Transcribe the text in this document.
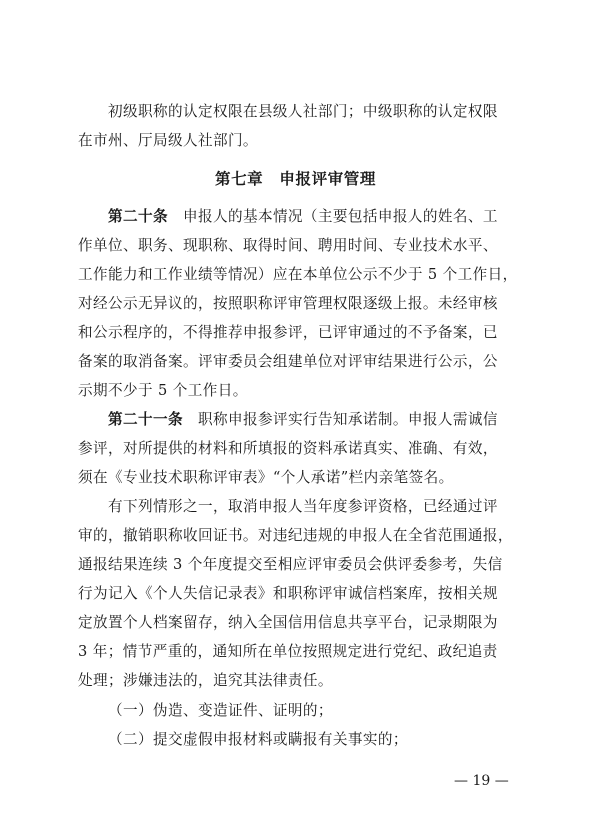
初级职称的认定权限在县级人社部门；中级职称的认定权限
在市州、厅局级人社部门。
第七章　申报评审管理
第二十条　申报人的基本情况（主要包括申报人的姓名、工
作单位、职务、现职称、取得时间、聘用时间、专业技术水平、
工作能力和工作业绩等情况）应在本单位公示不少于 5 个工作日，
对经公示无异议的，按照职称评审管理权限逐级上报。未经审核
和公示程序的，不得推荐申报参评，已评审通过的不予备案，已
备案的取消备案。评审委员会组建单位对评审结果进行公示，公
示期不少于 5 个工作日。
第二十一条　职称申报参评实行告知承诺制。申报人需诚信
参评，对所提供的材料和所填报的资料承诺真实、准确、有效，
须在《专业技术职称评审表》“个人承诺”栏内亲笔签名。
有下列情形之一，取消申报人当年度参评资格，已经通过评
审的，撤销职称收回证书。对违纪违规的申报人在全省范围通报，
通报结果连续 3 个年度提交至相应评审委员会供评委参考，失信
行为记入《个人失信记录表》和职称评审诚信档案库，按相关规
定放置个人档案留存，纳入全国信用信息共享平台，记录期限为
3 年；情节严重的，通知所在单位按照规定进行党纪、政纪追责
处理；涉嫌违法的，追究其法律责任。
（一）伪造、变造证件、证明的；
（二）提交虚假申报材料或瞒报有关事实的；
— 19 —
